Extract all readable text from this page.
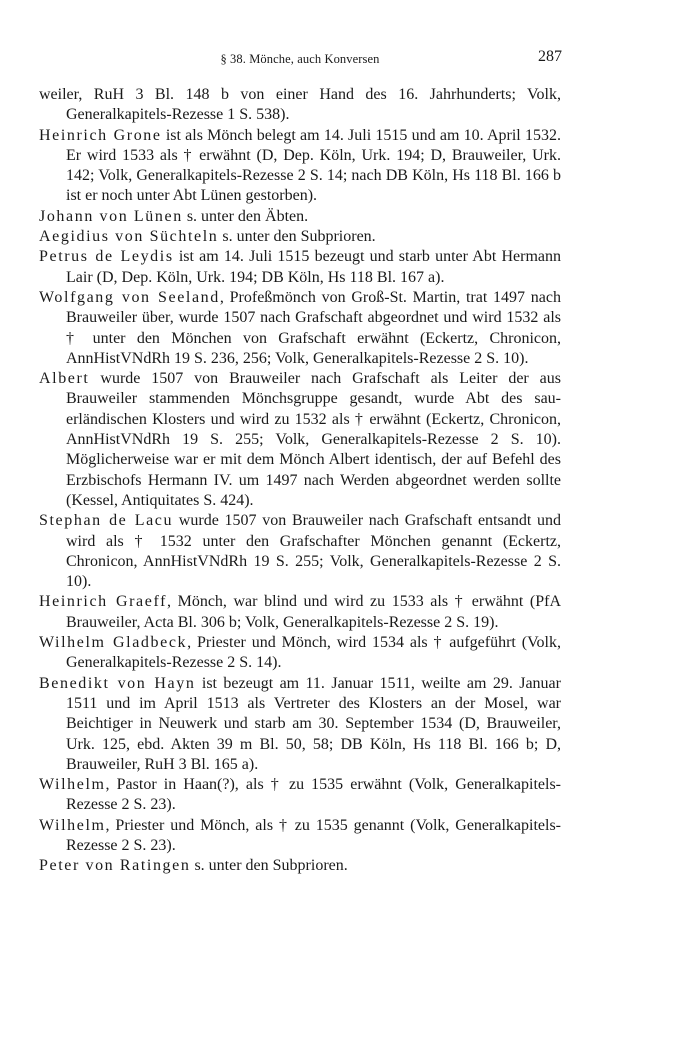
§ 38. Mönche, auch Konversen	287

weiler, RuH 3 Bl. 148 b von einer Hand des 16. Jahrhunderts; Volk, Generalkapitels-Rezesse 1 S. 538).

Heinrich Grone ist als Mönch belegt am 14. Juli 1515 und am 10. April 1532. Er wird 1533 als † erwähnt (D, Dep. Köln, Urk. 194; D, Brauweiler, Urk. 142; Volk, Generalkapitels-Rezesse 2 S. 14; nach DB Köln, Hs 118 Bl. 166 b ist er noch unter Abt Lünen gestorben).

Johann von Lünen s. unter den Äbten.

Aegidius von Süchteln s. unter den Subprioren.

Petrus de Leydis ist am 14. Juli 1515 bezeugt und starb unter Abt Hermann Lair (D, Dep. Köln, Urk. 194; DB Köln, Hs 118 Bl. 167 a).

Wolfgang von Seeland, Profeßmönch von Groß-St. Martin, trat 1497 nach Brauweiler über, wurde 1507 nach Grafschaft abgeordnet und wird 1532 als † unter den Mönchen von Grafschaft erwähnt (Eckertz, Chronicon, AnnHistVNdRh 19 S. 236, 256; Volk, Generalkapitels-Rezesse 2 S. 10).

Albert wurde 1507 von Brauweiler nach Grafschaft als Leiter der aus Brauweiler stammenden Mönchsgruppe gesandt, wurde Abt des sauerländischen Klosters und wird zu 1532 als † erwähnt (Eckertz, Chronicon, AnnHistVNdRh 19 S. 255; Volk, Generalkapitels-Rezesse 2 S. 10). Möglicherweise war er mit dem Mönch Albert identisch, der auf Befehl des Erzbischofs Hermann IV. um 1497 nach Werden abgeordnet werden sollte (Kessel, Antiquitates S. 424).

Stephan de Lacu wurde 1507 von Brauweiler nach Grafschaft entsandt und wird als † 1532 unter den Grafschafter Mönchen genannt (Eckertz, Chronicon, AnnHistVNdRh 19 S. 255; Volk, Generalkapitels-Rezesse 2 S. 10).

Heinrich Graeff, Mönch, war blind und wird zu 1533 als † erwähnt (PfA Brauweiler, Acta Bl. 306 b; Volk, Generalkapitels-Rezesse 2 S. 19).

Wilhelm Gladbeck, Priester und Mönch, wird 1534 als † aufgeführt (Volk, Generalkapitels-Rezesse 2 S. 14).

Benedikt von Hayn ist bezeugt am 11. Januar 1511, weilte am 29. Januar 1511 und im April 1513 als Vertreter des Klosters an der Mosel, war Beichtiger in Neuwerk und starb am 30. September 1534 (D, Brauweiler, Urk. 125, ebd. Akten 39 m Bl. 50, 58; DB Köln, Hs 118 Bl. 166 b; D, Brauweiler, RuH 3 Bl. 165 a).

Wilhelm, Pastor in Haan(?), als † zu 1535 erwähnt (Volk, Generalkapitels-Rezesse 2 S. 23).

Wilhelm, Priester und Mönch, als † zu 1535 genannt (Volk, Generalkapitels-Rezesse 2 S. 23).

Peter von Ratingen s. unter den Subprioren.
